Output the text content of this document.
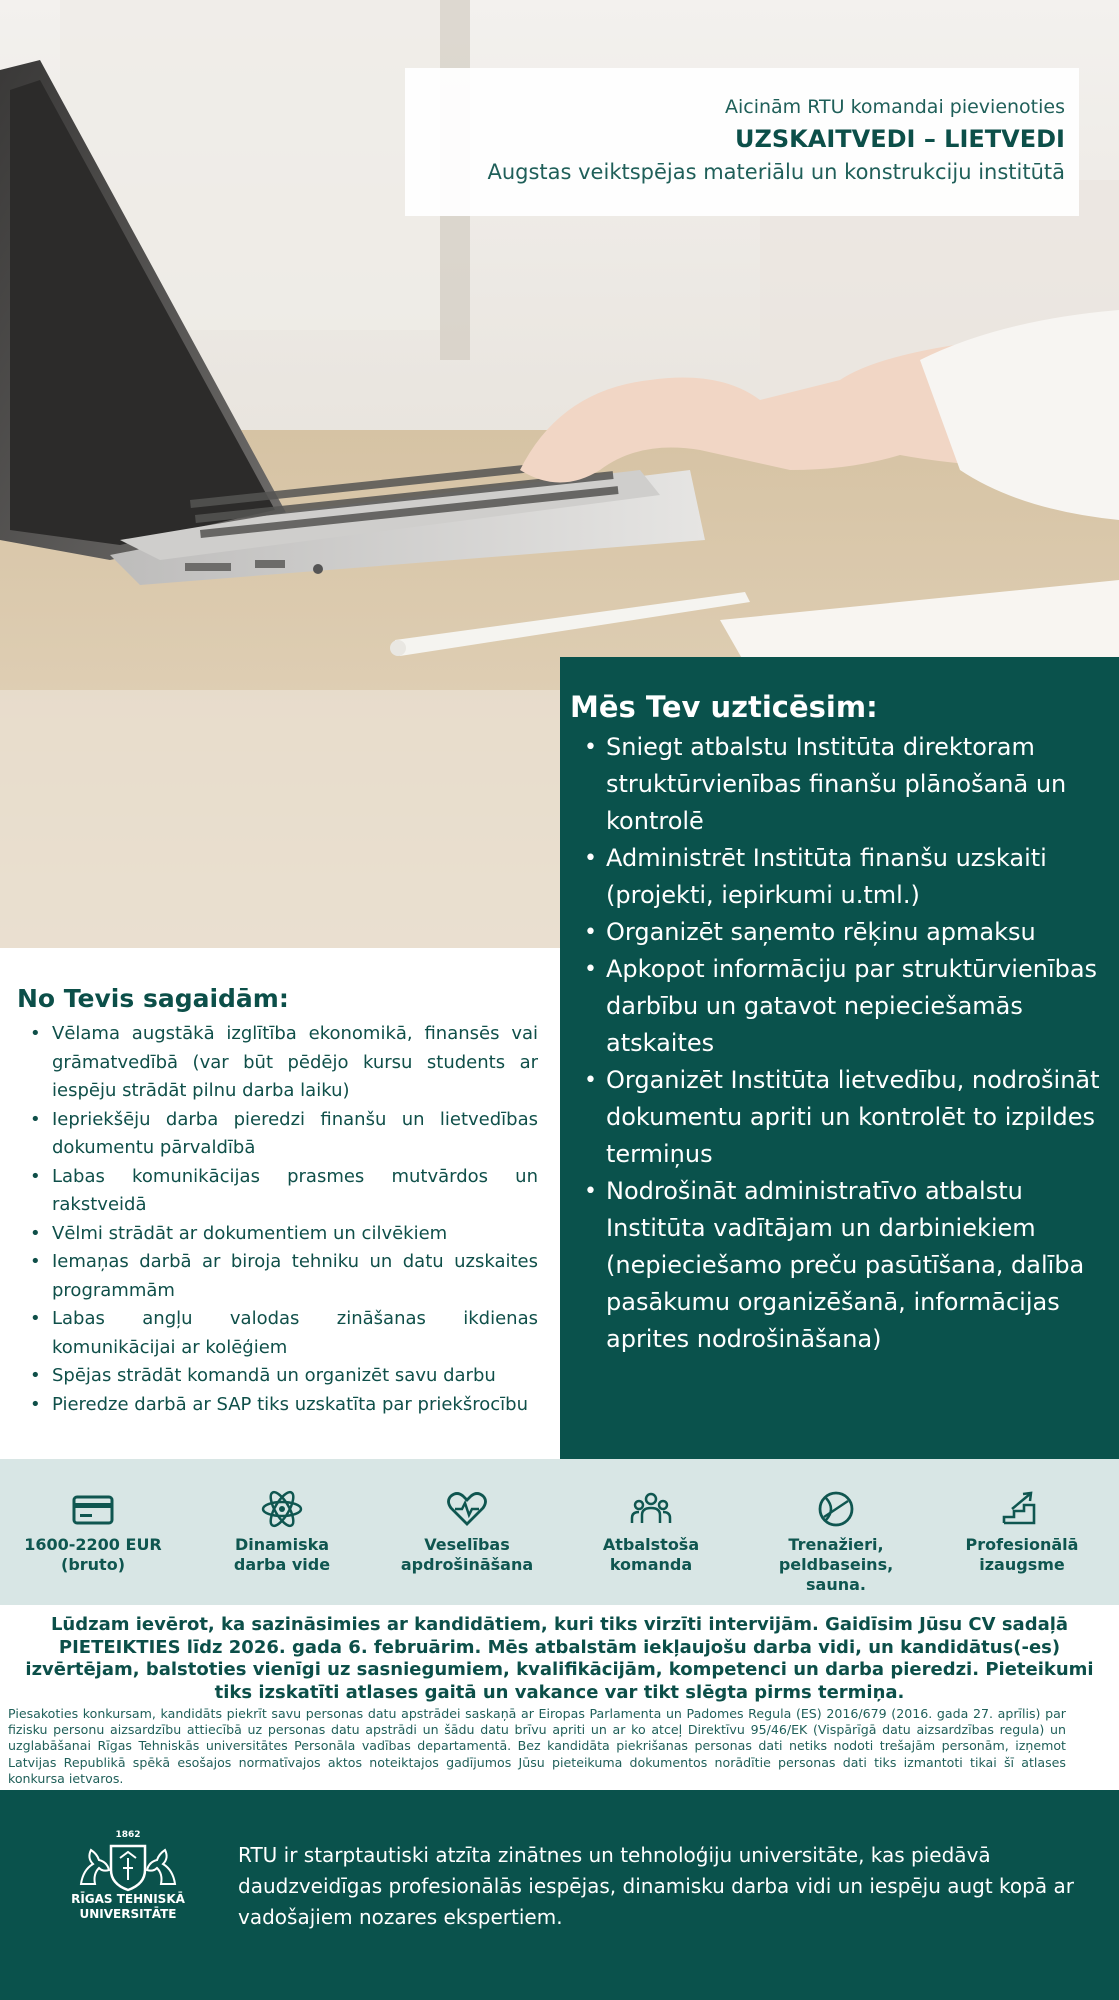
Aicinām RTU komandai pievienoties
UZSKAITVEDI – LIETVEDI
Augstas veiktspējas materiālu un konstrukciju institūtā
Mēs Tev uzticēsim:
• Sniegt atbalstu Institūta direktoram struktūrvienības finanšu plānošanā un kontrolē
• Administrēt Institūta finanšu uzskaiti (projekti, iepirkumi u.tml.)
• Organizēt saņemto rēķinu apmaksu
• Apkopot informāciju par struktūrvienības darbību un gatavot nepieciešamās atskaites
• Organizēt Institūta lietvedību, nodrošināt dokumentu apriti un kontrolēt to izpildes termiņus
• Nodrošināt administratīvo atbalstu Institūta vadītājam un darbiniekiem (nepieciešamo preču pasūtīšana, dalība pasākumu organizēšanā, informācijas aprites nodrošināšana)
No Tevis sagaidām:
• Vēlama augstākā izglītība ekonomikā, finansēs vai grāmatvedībā (var būt pēdējo kursu students ar iespēju strādāt pilnu darba laiku)
• Iepriekšēju darba pieredzi finanšu un lietvedības dokumentu pārvaldībā
• Labas komunikācijas prasmes mutvārdos un rakstveidā
• Vēlmi strādāt ar dokumentiem un cilvēkiem
• Iemaņas darbā ar biroja tehniku un datu uzskaites programmām
• Labas angļu valodas zināšanas ikdienas komunikācijai ar kolēģiem
• Spējas strādāt komandā un organizēt savu darbu
• Pieredze darbā ar SAP tiks uzskatīta par priekšrocību
1600-2200 EUR
(bruto)
Dinamiska
darba vide
Veselības
apdrošināšana
Atbalstoša
komanda
Trenažieri,
peldbaseins, sauna.
Profesionālā
izaugsme
Lūdzam ievērot, ka sazināsimies ar kandidātiem, kuri tiks virzīti intervijām. Gaidīsim Jūsu CV sadaļā PIETEIKTIES līdz 2026. gada 6. februārim. Mēs atbalstām iekļaujošu darba vidi, un kandidātus(-es) izvērtējam, balstoties vienīgi uz sasniegumiem, kvalifikācijām, kompetenci un darba pieredzi. Pieteikumi tiks izskatīti atlases gaitā un vakance var tikt slēgta pirms termiņa.
Piesakoties konkursam, kandidāts piekrīt savu personas datu apstrādei saskaņā ar Eiropas Parlamenta un Padomes Regula (ES) 2016/679 (2016. gada 27. aprīlis) par fizisku personu aizsardzību attiecībā uz personas datu apstrādi un šādu datu brīvu apriti un ar ko atceļ Direktīvu 95/46/EK (Vispārīgā datu aizsardzības regula) un uzglabāšanai Rīgas Tehniskās universitātes Personāla vadības departamentā. Bez kandidāta piekrišanas personas dati netiks nodoti trešajām personām, izņemot Latvijas Republikā spēkā esošajos normatīvajos aktos noteiktajos gadījumos Jūsu pieteikuma dokumentos norādītie personas dati tiks izmantoti tikai šī atlases konkursa ietvaros.
1862
RĪGAS TEHNISKĀ
UNIVERSITĀTE
RTU ir starptautiski atzīta zinātnes un tehnoloģiju universitāte, kas piedāvā daudzveidīgas profesionālās iespējas, dinamisku darba vidi un iespēju augt kopā ar vadošajiem nozares ekspertiem.
